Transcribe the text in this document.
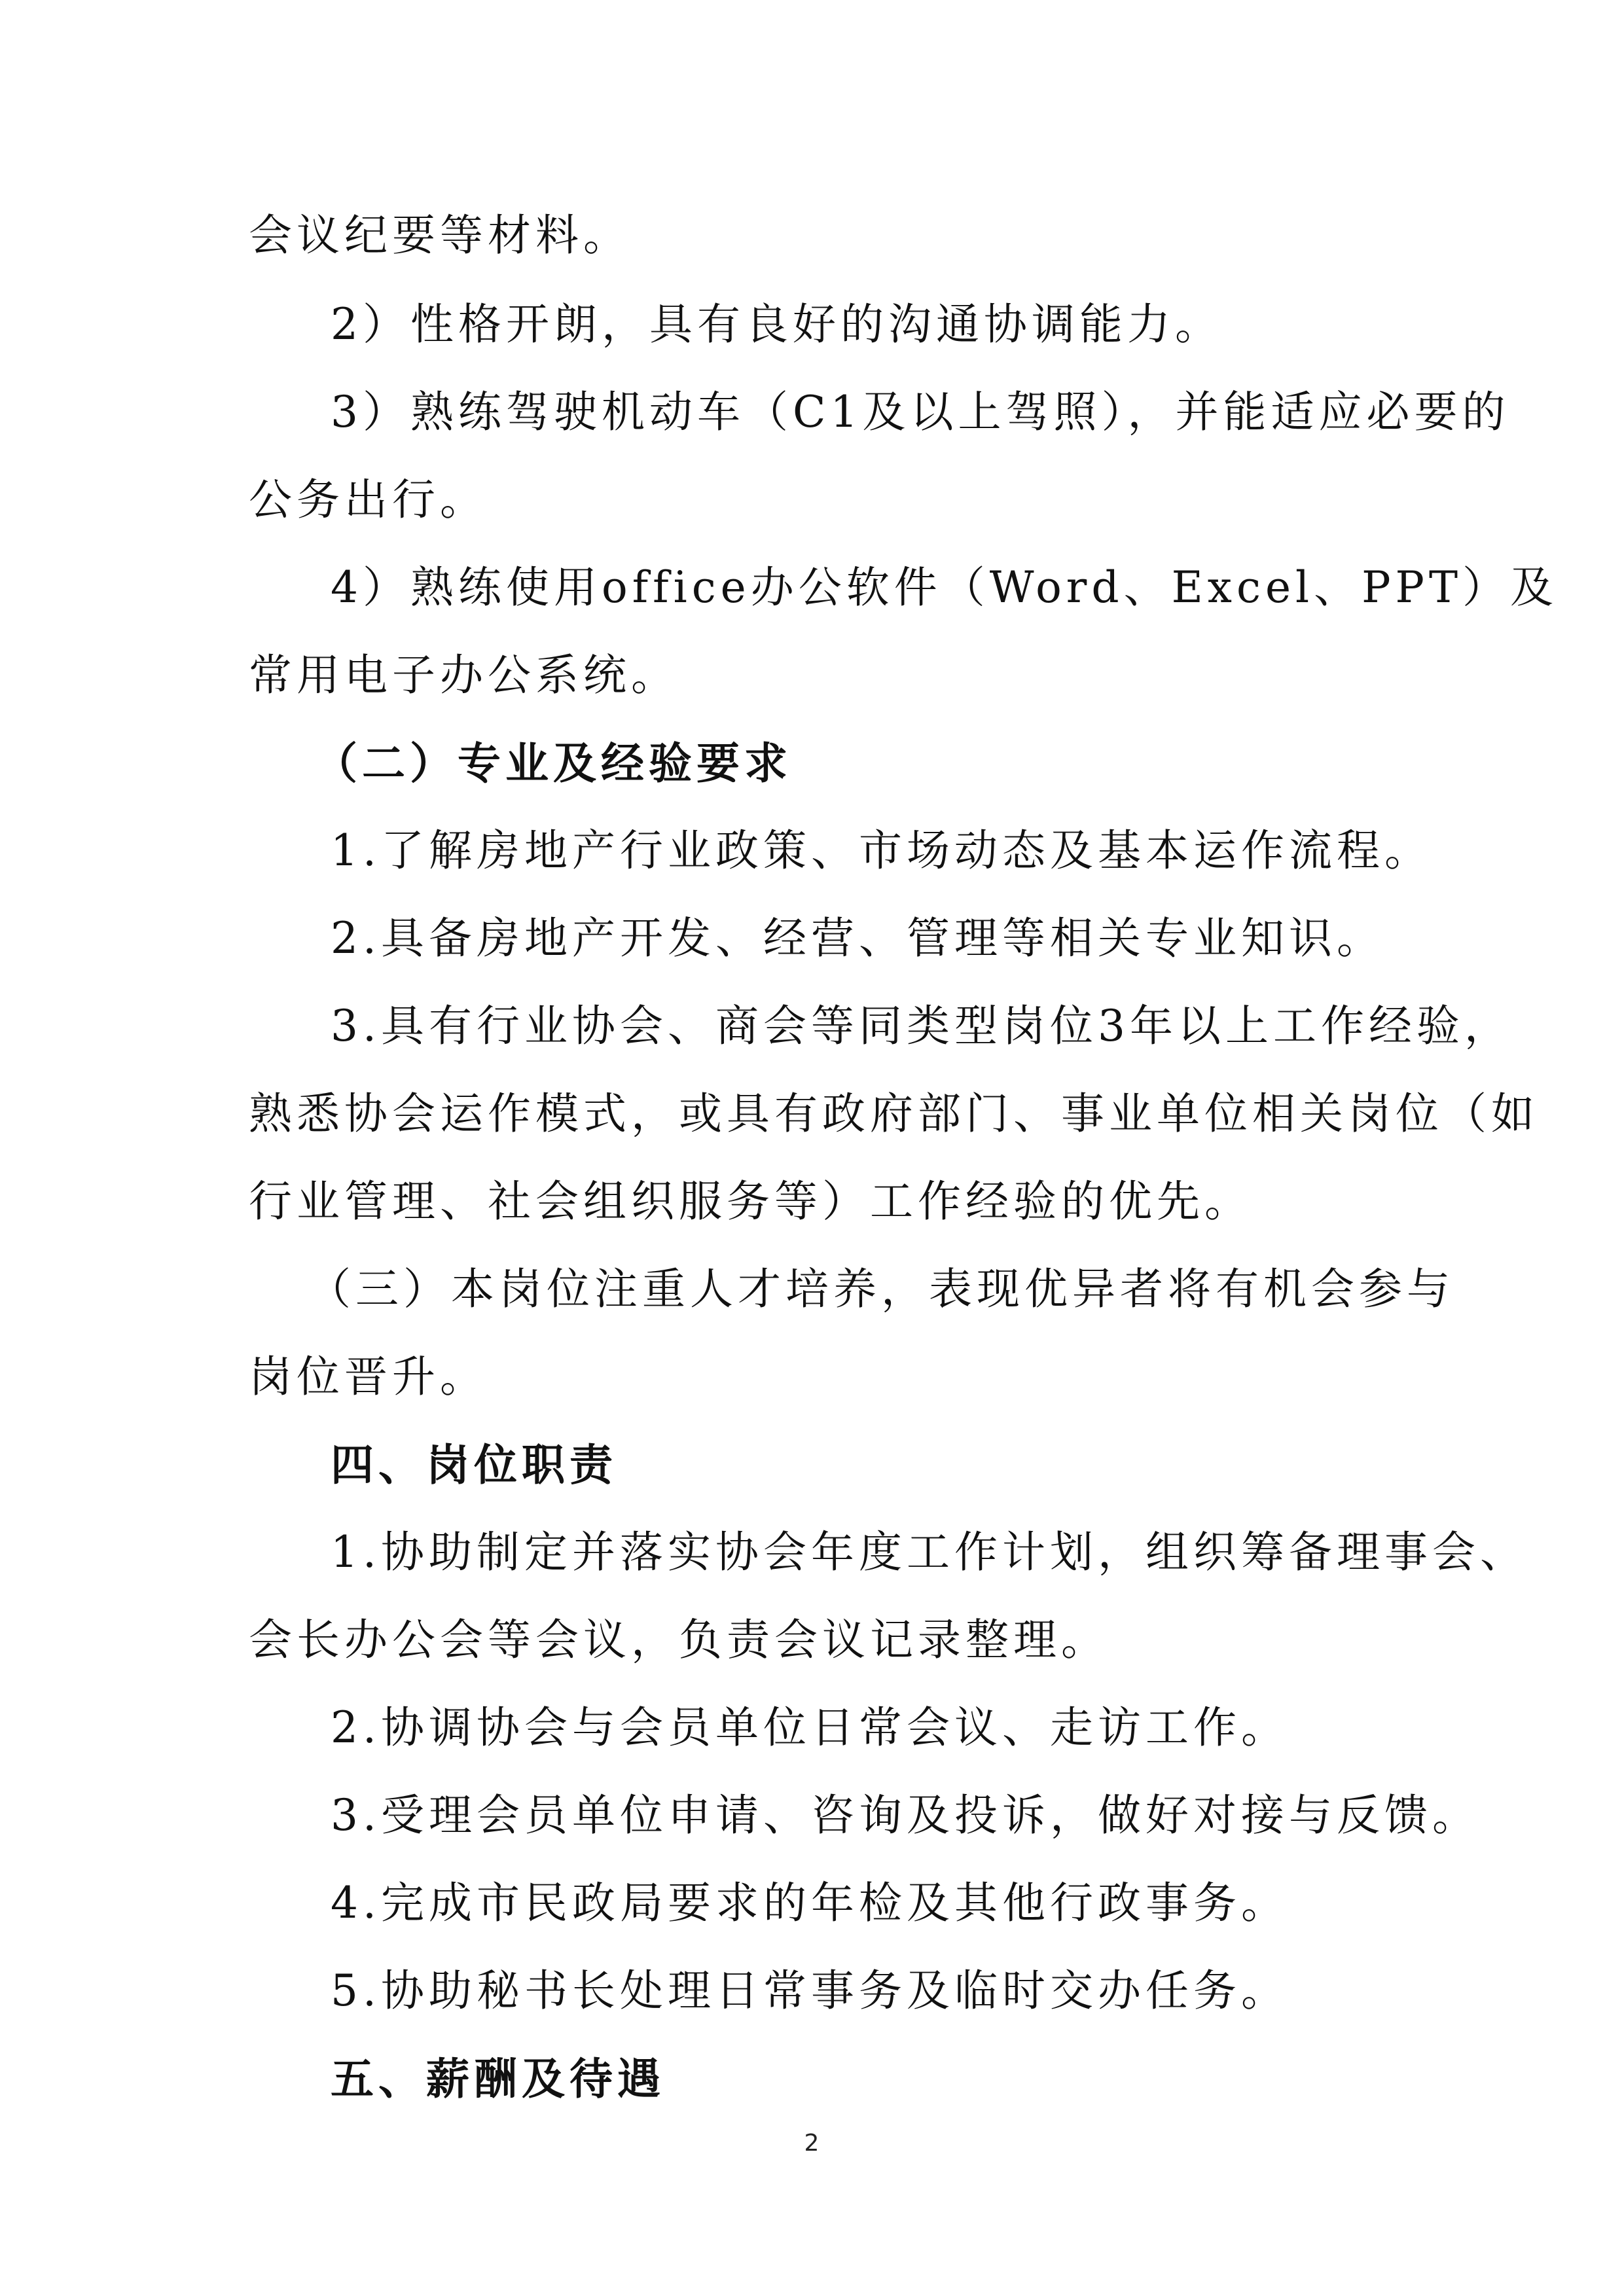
会议纪要等材料。
2）性格开朗，具有良好的沟通协调能力。
3）熟练驾驶机动车（C1及以上驾照），并能适应必要的
公务出行。
4）熟练使用office办公软件（Word、Excel、PPT）及
常用电子办公系统。
（二）专业及经验要求
1.了解房地产行业政策、市场动态及基本运作流程。
2.具备房地产开发、经营、管理等相关专业知识。
3.具有行业协会、商会等同类型岗位3年以上工作经验，
熟悉协会运作模式，或具有政府部门、事业单位相关岗位（如
行业管理、社会组织服务等）工作经验的优先。
（三）本岗位注重人才培养，表现优异者将有机会参与
岗位晋升。
四、岗位职责
1.协助制定并落实协会年度工作计划，组织筹备理事会、
会长办公会等会议，负责会议记录整理。
2.协调协会与会员单位日常会议、走访工作。
3.受理会员单位申请、咨询及投诉，做好对接与反馈。
4.完成市民政局要求的年检及其他行政事务。
5.协助秘书长处理日常事务及临时交办任务。
五、薪酬及待遇
2
